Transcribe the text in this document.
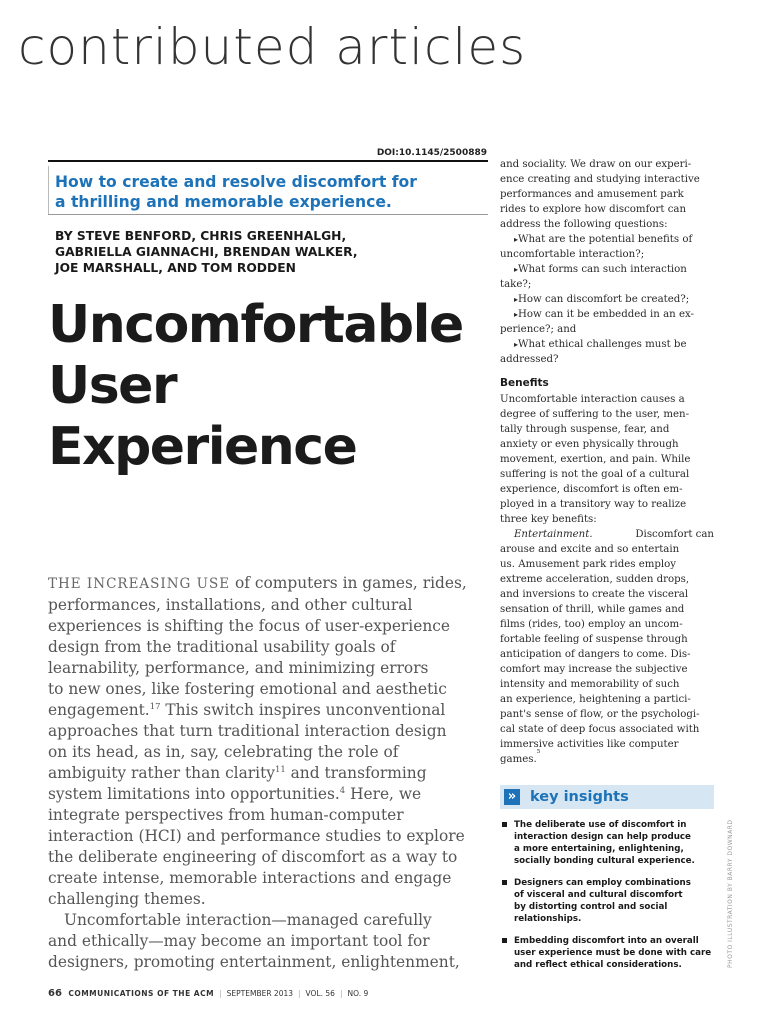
contributed articles
DOI:10.1145/2500889
How to create and resolve discomfort for
a thrilling and memorable experience.
BY STEVE BENFORD, CHRIS GREENHALGH,
GABRIELLA GIANNACHI, BRENDAN WALKER,
JOE MARSHALL, AND TOM RODDEN
Uncomfortable
User
Experience
THE INCREASING USE of computers in games, rides,
performances, installations, and other cultural
experiences is shifting the focus of user-experience
design from the traditional usability goals of
learnability, performance, and minimizing errors
to new ones, like fostering emotional and aesthetic
engagement.$^{17}$ This switch inspires unconventional
approaches that turn traditional interaction design
on its head, as in, say, celebrating the role of
ambiguity rather than clarity$^{11}$ and transforming
system limitations into opportunities.$^4$ Here, we
integrate perspectives from human-computer
interaction (HCI) and performance studies to explore
the deliberate engineering of discomfort as a way to
create intense, memorable interactions and engage
challenging themes.
Uncomfortable interaction—managed carefully
and ethically—may become an important tool for
designers, promoting entertainment, enlightenment,
and sociality. We draw on our experi-
ence creating and studying interactive
performances and amusement park
rides to explore how discomfort can
address the following questions:
▸ What are the potential benefits of
uncomfortable interaction?;
▸ What forms can such interaction
take?;
▸ How can discomfort be created?;
▸ How can it be embedded in an ex-
perience?; and
▸ What ethical challenges must be
addressed?
Benefits
Uncomfortable interaction causes a
degree of suffering to the user, men-
tally through suspense, fear, and
anxiety or even physically through
movement, exertion, and pain. While
suffering is not the goal of a cultural
experience, discomfort is often em-
ployed in a transitory way to realize
three key benefits:
Entertainment.	Discomfort can
arouse and excite and so entertain
us. Amusement park rides employ
extreme acceleration, sudden drops,
and inversions to create the visceral
sensation of thrill, while games and
films (rides, too) employ an uncom-
fortable feeling of suspense through
anticipation of dangers to come. Dis-
comfort may increase the subjective
intensity and memorability of such
an experience, heightening a partici-
pant's sense of flow, or the psychologi-
cal state of deep focus associated with
immersive activities like computer
games.
5
» key insights
The deliberate use of discomfort in
interaction design can help produce
a more entertaining, enlightening,
socially bonding cultural experience.
Designers can employ combinations
of visceral and cultural discomfort
by distorting control and social
relationships.
Embedding discomfort into an overall
user experience must be done with care
and reflect ethical considerations.	PHOTO ILLUSTRATION BY BARRY DOWNARD
66 COMMUNICATIONS OF THE ACM | SEPTEMBER 2013 | VOL. 56 | NO. 9
